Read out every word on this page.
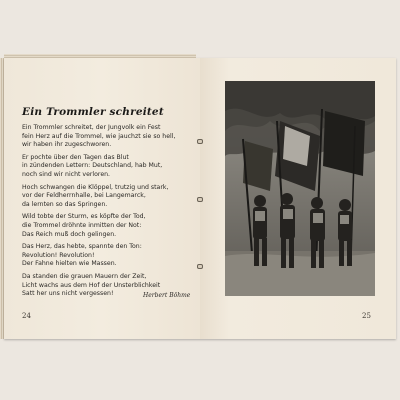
Ein Trommler schreitet
Ein Trommler schreitet, der Jungvolk ein Fest
fein Herz auf die Trommel, wie jauchzt sie so hell,
wir haben ihr zugeschworen.
Er pochte über den Tagen das Blut
in zündenden Lettern: Deutschland, hab Mut,
noch sind wir nicht verloren.
Hoch schwangen die Klöppel, trutzig und stark,
vor der Feldherrnhalle, bei Langemarck,
da lernten so das Springen.
Wild tobte der Sturm, es köpfte der Tod,
die Trommel dröhnte inmitten der Not:
Das Reich muß doch gelingen.
Das Herz, das hebte, spannte den Ton:
Revolution! Revolution!
Der Fahne hielten wie Massen.
Da standen die grauen Mauern der Zeit,
Licht wachs aus dem Hof der Unsterblichkeit
Satt her uns nicht vergessen!	Herbert Böhme
24	25
